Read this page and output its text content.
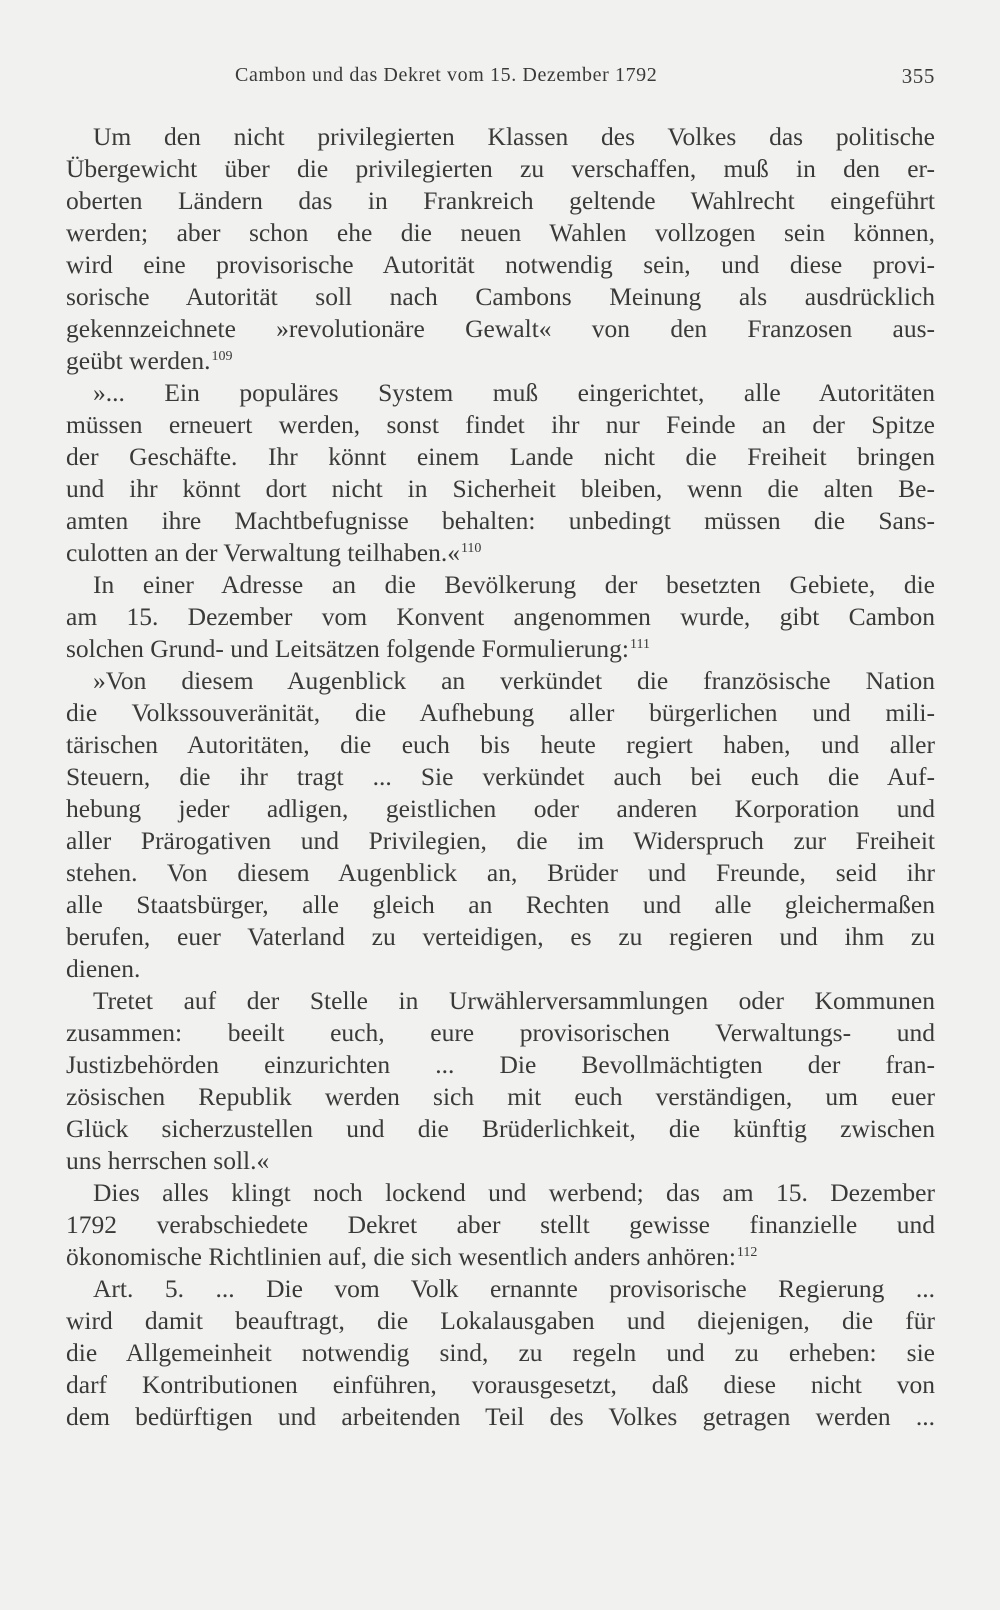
Cambon und das Dekret vom 15. Dezember 1792	355
Um den nicht privilegierten Klassen des Volkes das politische
Übergewicht über die privilegierten zu verschaffen, muß in den er-
oberten Ländern das in Frankreich geltende Wahlrecht eingeführt
werden; aber schon ehe die neuen Wahlen vollzogen sein können,
wird eine provisorische Autorität notwendig sein, und diese provi-
sorische Autorität soll nach Cambons Meinung als ausdrücklich
gekennzeichnete »revolutionäre Gewalt« von den Franzosen aus-
geübt werden.$^{109}$
»... Ein populäres System muß eingerichtet, alle Autoritäten
müssen erneuert werden, sonst findet ihr nur Feinde an der Spitze
der Geschäfte. Ihr könnt einem Lande nicht die Freiheit bringen
und ihr könnt dort nicht in Sicherheit bleiben, wenn die alten Be-
amten ihre Machtbefugnisse behalten: unbedingt müssen die Sans-
culotten an der Verwaltung teilhaben.«$^{110}$
In einer Adresse an die Bevölkerung der besetzten Gebiete, die
am 15. Dezember vom Konvent angenommen wurde, gibt Cambon
solchen Grund- und Leitsätzen folgende Formulierung:$^{111}$
»Von diesem Augenblick an verkündet die französische Nation
die Volkssouveränität, die Aufhebung aller bürgerlichen und mili-
tärischen Autoritäten, die euch bis heute regiert haben, und aller
Steuern, die ihr tragt ... Sie verkündet auch bei euch die Auf-
hebung jeder adligen, geistlichen oder anderen Korporation und
aller Prärogativen und Privilegien, die im Widerspruch zur Freiheit
stehen. Von diesem Augenblick an, Brüder und Freunde, seid ihr
alle Staatsbürger, alle gleich an Rechten und alle gleichermaßen
berufen, euer Vaterland zu verteidigen, es zu regieren und ihm zu
dienen.
Tretet auf der Stelle in Urwählerversammlungen oder Kommunen
zusammen: beeilt euch, eure provisorischen Verwaltungs- und
Justizbehörden einzurichten ... Die Bevollmächtigten der fran-
zösischen Republik werden sich mit euch verständigen, um euer
Glück sicherzustellen und die Brüderlichkeit, die künftig zwischen
uns herrschen soll.«
Dies alles klingt noch lockend und werbend; das am 15. Dezember
1792 verabschiedete Dekret aber stellt gewisse finanzielle und
ökonomische Richtlinien auf, die sich wesentlich anders anhören:$^{112}$
Art. 5. ... Die vom Volk ernannte provisorische Regierung ...
wird damit beauftragt, die Lokalausgaben und diejenigen, die für
die Allgemeinheit notwendig sind, zu regeln und zu erheben: sie
darf Kontributionen einführen, vorausgesetzt, daß diese nicht von
dem bedürftigen und arbeitenden Teil des Volkes getragen werden ...
